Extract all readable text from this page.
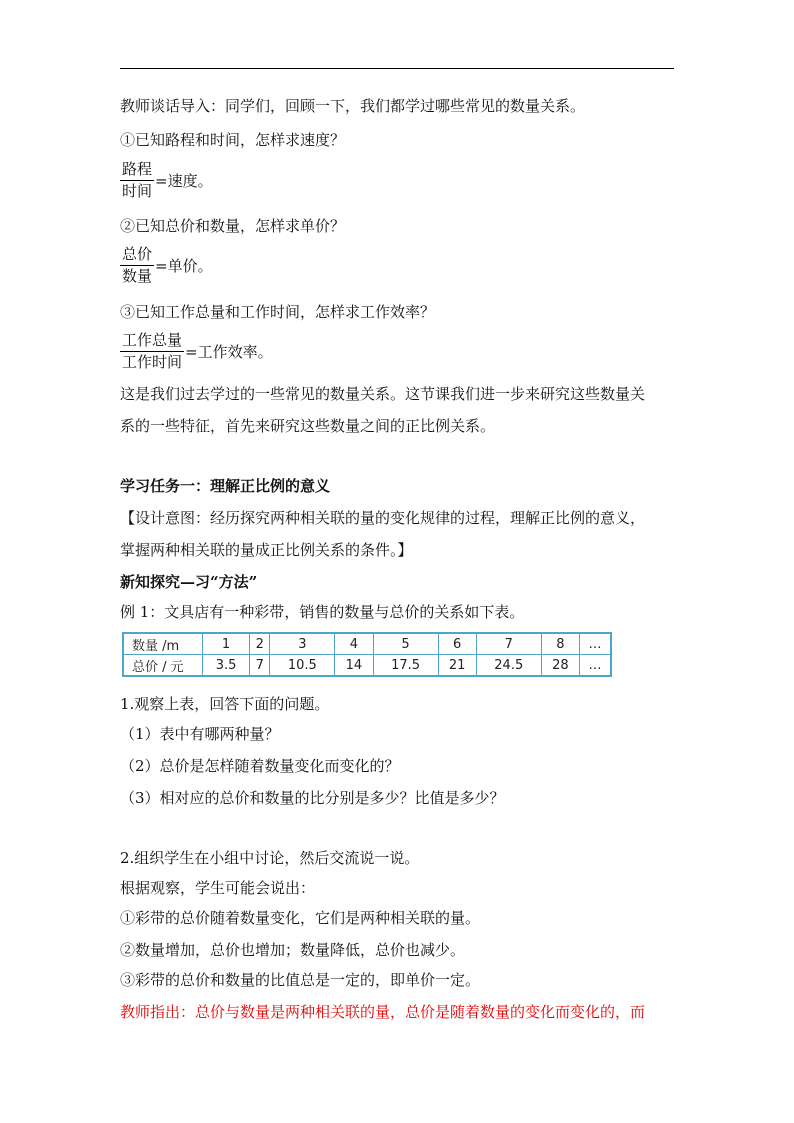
教师谈话导入：同学们，回顾一下，我们都学过哪些常见的数量关系。
①已知路程和时间，怎样求速度？
$\frac{\text{路程}}{\text{时间}}$ =速度。
②已知总价和数量，怎样求单价？
$\frac{\text{总价}}{\text{数量}}$ =单价。
③已知工作总量和工作时间，怎样求工作效率？
$\frac{\text{工作总量}}{\text{工作时间}}$ =工作效率。
这是我们过去学过的一些常见的数量关系。这节课我们进一步来研究这些数量关
系的一些特征，首先来研究这些数量之间的正比例关系。
学习任务一：理解正比例的意义
【设计意图：经历探究两种相关联的量的变化规律的过程，理解正比例的意义，
掌握两种相关联的量成正比例关系的条件。】
新知探究—习“方法”
例 1：文具店有一种彩带，销售的数量与总价的关系如下表。
数量 /m	1	2	3	4	5	6	7	8	…
总价 / 元	3.5	7	10.5	14	17.5	21	24.5	28	…
1.观察上表，回答下面的问题。
（1）表中有哪两种量？
（2）总价是怎样随着数量变化而变化的？
（3）相对应的总价和数量的比分别是多少？比值是多少？
2.组织学生在小组中讨论，然后交流说一说。
根据观察，学生可能会说出：
①彩带的总价随着数量变化，它们是两种相关联的量。
②数量增加，总价也增加；数量降低，总价也减少。
③彩带的总价和数量的比值总是一定的，即单价一定。
教师指出：总价与数量是两种相关联的量，总价是随着数量的变化而变化的，而
